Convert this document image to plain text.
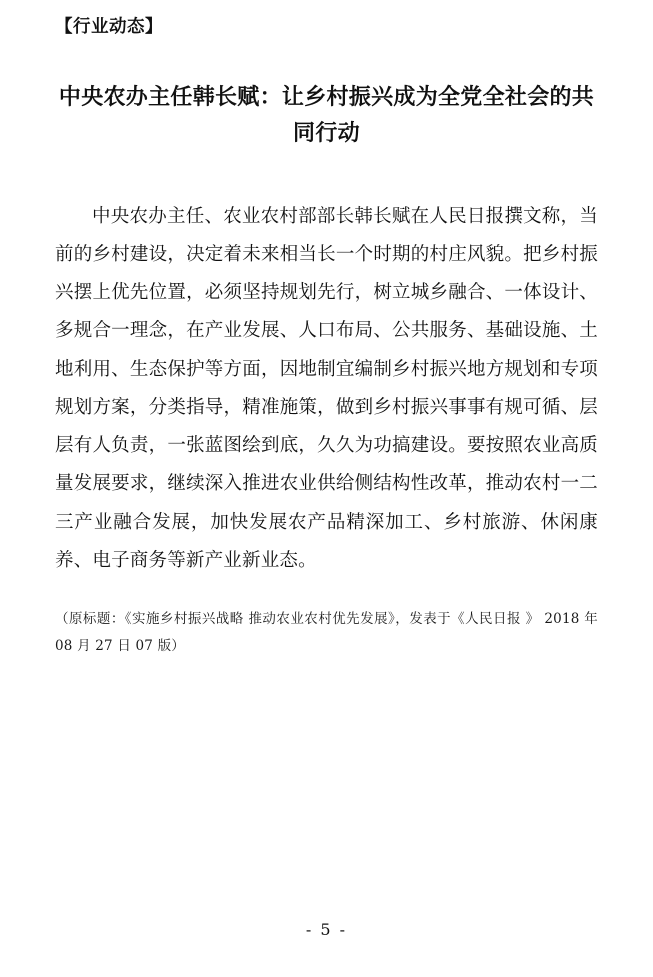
【行业动态】
中央农办主任韩长赋：让乡村振兴成为全党全社会的共同行动
中央农办主任、农业农村部部长韩长赋在人民日报撰文称，当前的乡村建设，决定着未来相当长一个时期的村庄风貌。把乡村振兴摆上优先位置，必须坚持规划先行，树立城乡融合、一体设计、多规合一理念，在产业发展、人口布局、公共服务、基础设施、土地利用、生态保护等方面，因地制宜编制乡村振兴地方规划和专项规划方案，分类指导，精准施策，做到乡村振兴事事有规可循、层层有人负责，一张蓝图绘到底，久久为功搞建设。要按照农业高质量发展要求，继续深入推进农业供给侧结构性改革，推动农村一二三产业融合发展，加快发展农产品精深加工、乡村旅游、休闲康养、电子商务等新产业新业态。
（原标题：《实施乡村振兴战略 推动农业农村优先发展》，发表于《人民日报 》 2018 年 08 月 27 日 07 版）
- 5 -
